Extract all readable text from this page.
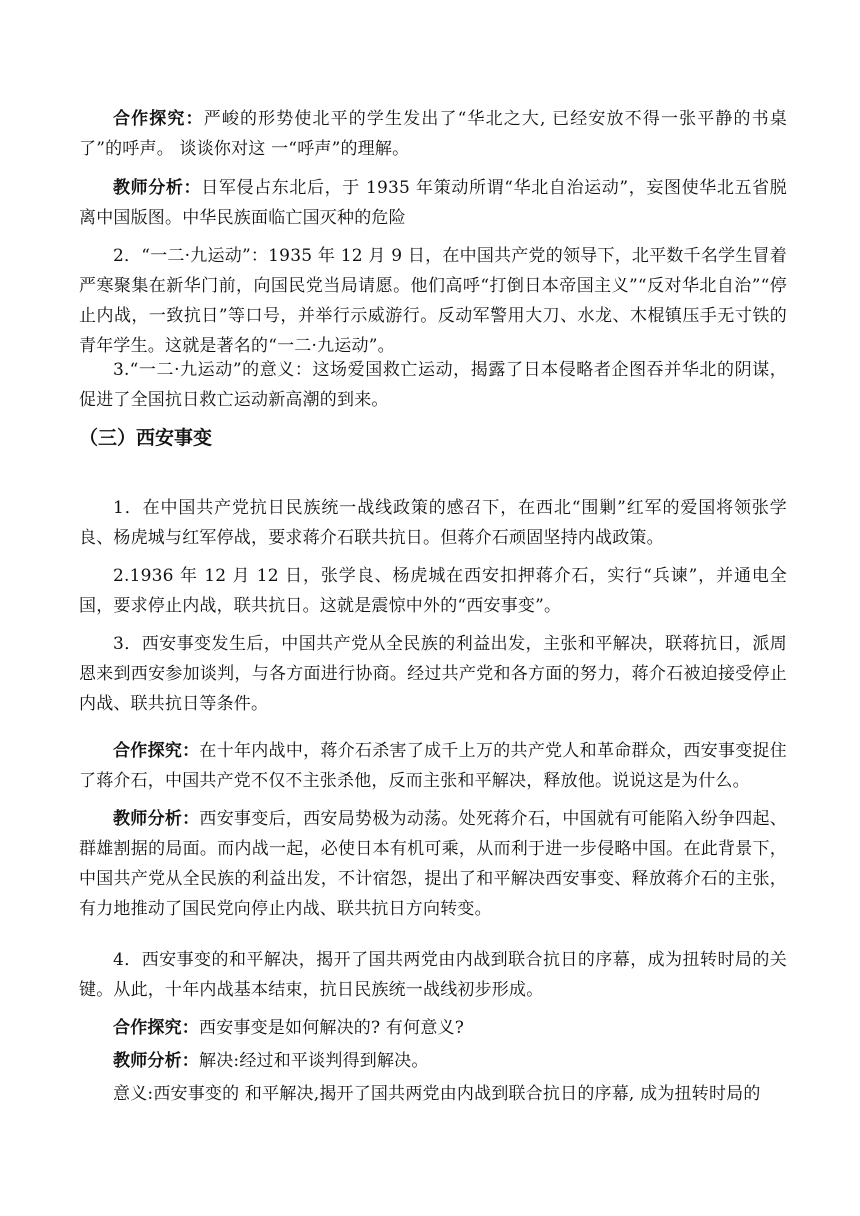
合作探究：严峻的形势使北平的学生发出了“华北之大, 已经安放不得一张平静的书桌了”的呼声。 谈谈你对这 一“呼声”的理解。

教师分析：日军侵占东北后，于 1935 年策动所谓“华北自治运动”，妄图使华北五省脱离中国版图。中华民族面临亡国灭种的危险

2．“一二·九运动”：1935 年 12 月 9 日，在中国共产党的领导下，北平数千名学生冒着严寒聚集在新华门前，向国民党当局请愿。他们高呼“打倒日本帝国主义”“反对华北自治”“停止内战，一致抗日”等口号，并举行示威游行。反动军警用大刀、水龙、木棍镇压手无寸铁的青年学生。这就是著名的“一二·九运动”。

3.“一二·九运动”的意义：这场爱国救亡运动，揭露了日本侵略者企图吞并华北的阴谋，促进了全国抗日救亡运动新高潮的到来。

（三）西安事变

1．在中国共产党抗日民族统一战线政策的感召下，在西北“围剿”红军的爱国将领张学良、杨虎城与红军停战，要求蒋介石联共抗日。但蒋介石顽固坚持内战政策。

2.1936 年 12 月 12 日，张学良、杨虎城在西安扣押蒋介石，实行“兵谏”，并通电全国，要求停止内战，联共抗日。这就是震惊中外的“西安事变”。

3．西安事变发生后，中国共产党从全民族的利益出发，主张和平解决，联蒋抗日，派周恩来到西安参加谈判，与各方面进行协商。经过共产党和各方面的努力，蒋介石被迫接受停止内战、联共抗日等条件。

合作探究：在十年内战中，蒋介石杀害了成千上万的共产党人和革命群众，西安事变捉住了蒋介石，中国共产党不仅不主张杀他，反而主张和平解决，释放他。说说这是为什么。

教师分析：西安事变后，西安局势极为动荡。处死蒋介石，中国就有可能陷入纷争四起、群雄割据的局面。而内战一起，必使日本有机可乘，从而利于进一步侵略中国。在此背景下，中国共产党从全民族的利益出发，不计宿怨，提出了和平解决西安事变、释放蒋介石的主张，有力地推动了国民党向停止内战、联共抗日方向转变。

4．西安事变的和平解决，揭开了国共两党由内战到联合抗日的序幕，成为扭转时局的关键。从此，十年内战基本结束，抗日民族统一战线初步形成。

合作探究：西安事变是如何解决的? 有何意义?

教师分析：解决:经过和平谈判得到解决。

意义:西安事变的 和平解决,揭开了国共两党由内战到联合抗日的序幕, 成为扭转时局的
